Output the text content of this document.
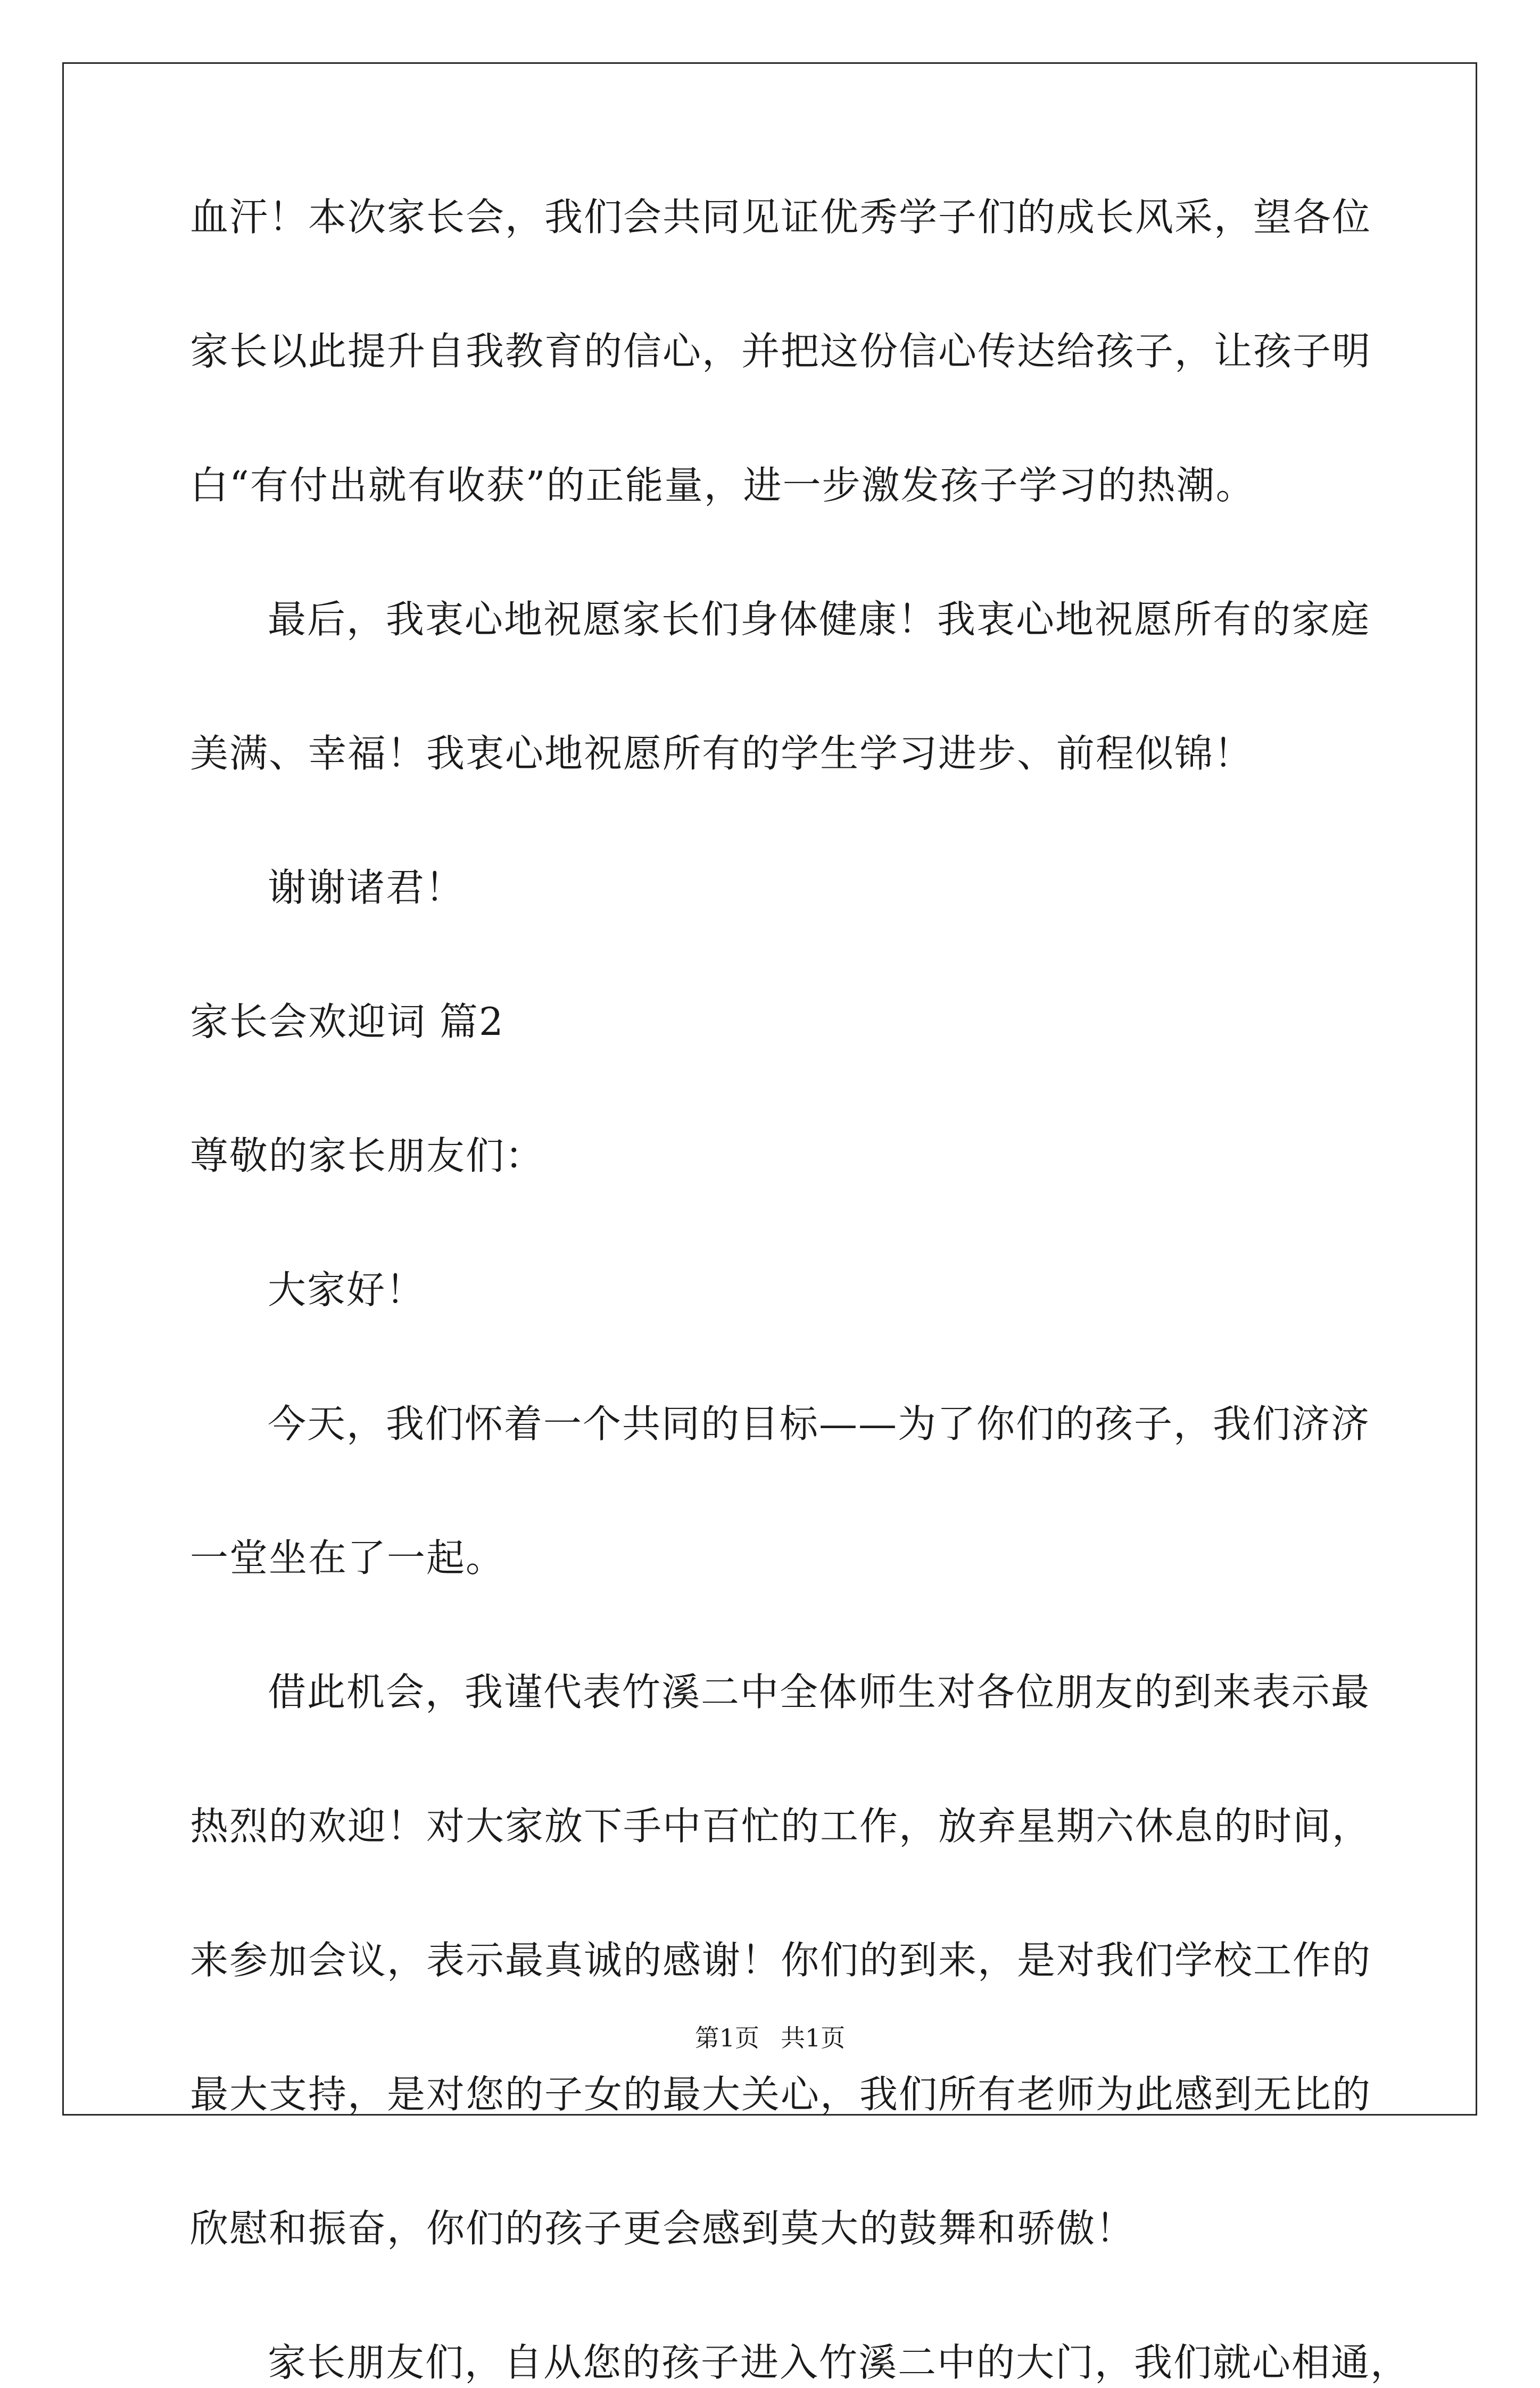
血汗！本次家长会，我们会共同见证优秀学子们的成长风采，望各位
家长以此提升自我教育的信心，并把这份信心传达给孩子，让孩子明
白“有付出就有收获”的正能量，进一步激发孩子学习的热潮。
最后，我衷心地祝愿家长们身体健康！我衷心地祝愿所有的家庭
美满、幸福！我衷心地祝愿所有的学生学习进步、前程似锦！
谢谢诸君！
家长会欢迎词 篇2
尊敬的家长朋友们：
大家好！
今天，我们怀着一个共同的目标——为了你们的孩子，我们济济
一堂坐在了一起。
借此机会，我谨代表竹溪二中全体师生对各位朋友的到来表示最
热烈的欢迎！对大家放下手中百忙的工作，放弃星期六休息的时间，
来参加会议，表示最真诚的感谢！你们的到来，是对我们学校工作的
最大支持，是对您的子女的最大关心，我们所有老师为此感到无比的
欣慰和振奋，你们的孩子更会感到莫大的鼓舞和骄傲！
家长朋友们，自从您的孩子进入竹溪二中的大门，我们就心相通，
第1页 共1页
